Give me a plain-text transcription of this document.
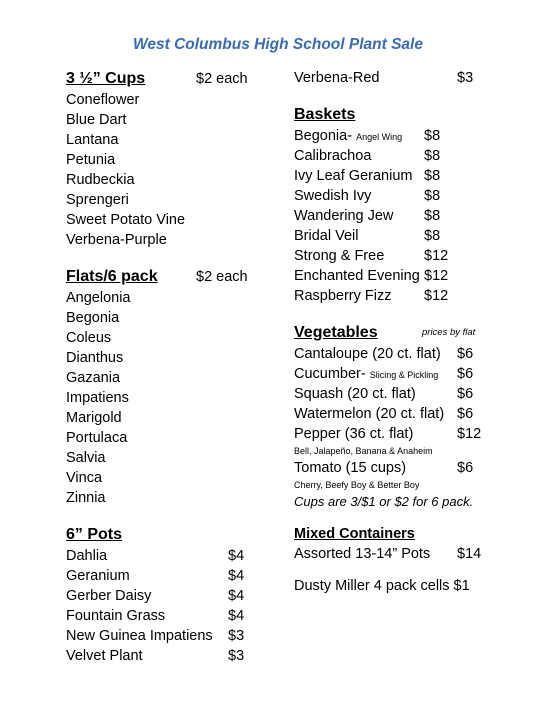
West Columbus High School Plant Sale
3 ½” Cups	$2 each
Coneflower
Blue Dart
Lantana
Petunia
Rudbeckia
Sprengeri
Sweet Potato Vine
Verbena-Purple
Flats/6 pack	$2 each
Angelonia
Begonia
Coleus
Dianthus
Gazania
Impatiens
Marigold
Portulaca
Salvia
Vinca
Zinnia
6” Pots
Dahlia	$4
Geranium	$4
Gerber Daisy	$4
Fountain Grass	$4
New Guinea Impatiens $3
Velvet Plant	$3
Verbena-Red	$3
Baskets
Begonia- Angel Wing $8
Calibrachoa	$8
Ivy Leaf Geranium $8
Swedish Ivy	$8
Wandering Jew $8
Bridal Veil	$8
Strong & Free	$12
Enchanted Evening $12
Raspberry Fizz $12
Vegetables	prices by flat
Cantaloupe (20 ct. flat) $6
Cucumber- Slicing & Pickling $6
Squash (20 ct. flat)	$6
Watermelon (20 ct. flat) $6
Pepper (36 ct. flat)	$12
Bell, Jalapeño, Banana & Anaheim
Tomato (15 cups)	$6
Cherry, Beefy Boy & Better Boy
Cups are 3/$1 or $2 for 6 pack.
Mixed Containers
Assorted 13-14” Pots $14
Dusty Miller 4 pack cells $1
